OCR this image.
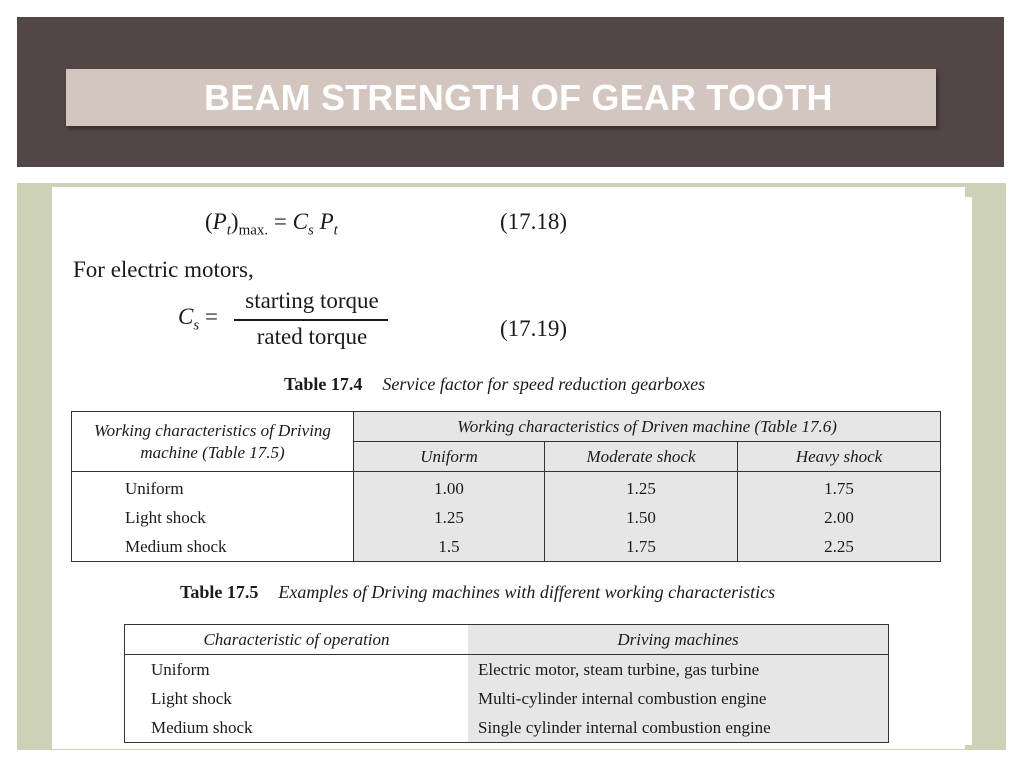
BEAM STRENGTH OF GEAR TOOTH
$(P_t)_{max.} = C_s$ $P_t$	(17.18)
For electric motors,
$C_s$ =
starting torque
rated torque	(17.19)
Table 17.4 Service factor for speed reduction gearboxes
Working characteristics of Driving machine (Table 17.5)	Working characteristics of Driven machine (Table 17.6)		
	Uniform	Moderate shock	Heavy shock
Uniform	1.00	1.25	1.75
Light shock	1.25	1.50	2.00
Medium shock	1.5	1.75	2.25
Table 17.5 Examples of Driving machines with different working characteristics
Characteristic of operation	Driving machines
Uniform	Electric motor, steam turbine, gas turbine
Light shock	Multi-cylinder internal combustion engine
Medium shock	Single cylinder internal combustion engine
